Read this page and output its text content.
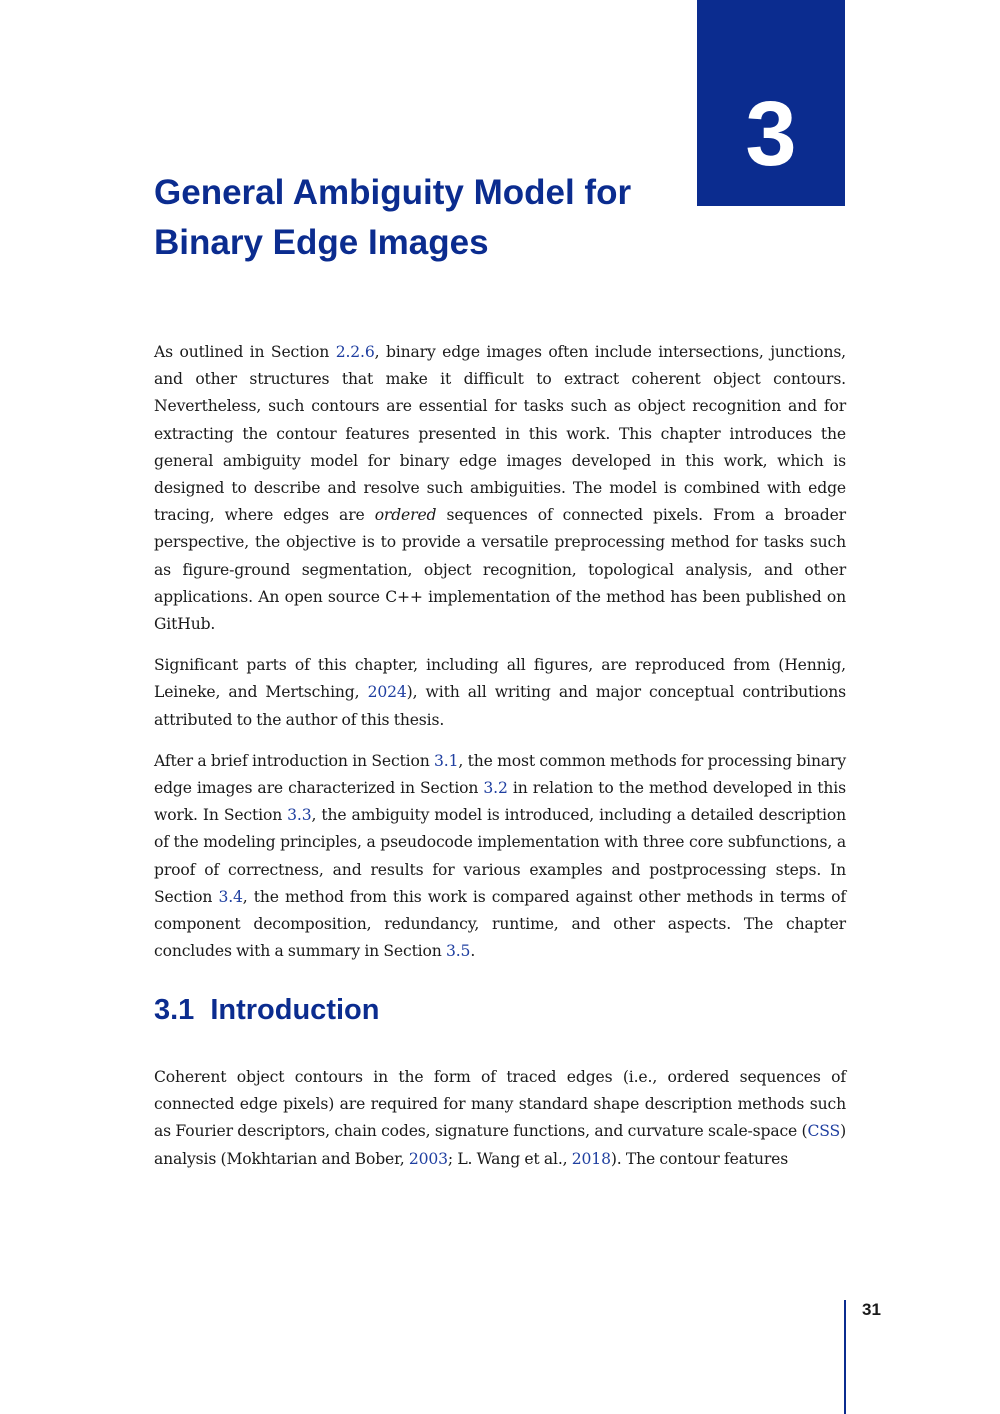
3
General Ambiguity Model for
Binary Edge Images

As outlined in Section 2.2.6, binary edge images often include intersections, junctions, and other structures that make it difficult to extract coherent object contours. Nevertheless, such contours are essential for tasks such as object recognition and for extracting the contour features presented in this work. This chapter introduces the general ambiguity model for binary edge images developed in this work, which is designed to describe and resolve such ambiguities. The model is combined with edge tracing, where edges are ordered sequences of connected pixels. From a broader perspective, the objective is to provide a versatile preprocessing method for tasks such as figure-ground segmentation, object recognition, topological analysis, and other applications. An open source C++ implementation of the method has been published on GitHub.

Significant parts of this chapter, including all figures, are reproduced from (Hennig, Leineke, and Mertsching, 2024), with all writing and major conceptual contributions attributed to the author of this thesis.

After a brief introduction in Section 3.1, the most common methods for processing binary edge images are characterized in Section 3.2 in relation to the method developed in this work. In Section 3.3, the ambiguity model is introduced, including a detailed description of the modeling principles, a pseudocode implementation with three core subfunctions, a proof of correctness, and results for various examples and postprocessing steps. In Section 3.4, the method from this work is compared against other methods in terms of component decomposition, redundancy, runtime, and other aspects. The chapter concludes with a summary in Section 3.5.

3.1 Introduction

Coherent object contours in the form of traced edges (i.e., ordered sequences of connected edge pixels) are required for many standard shape description methods such as Fourier descriptors, chain codes, signature functions, and curvature scale-space (CSS) analysis (Mokhtarian and Bober, 2003; L. Wang et al., 2018). The contour features

31
